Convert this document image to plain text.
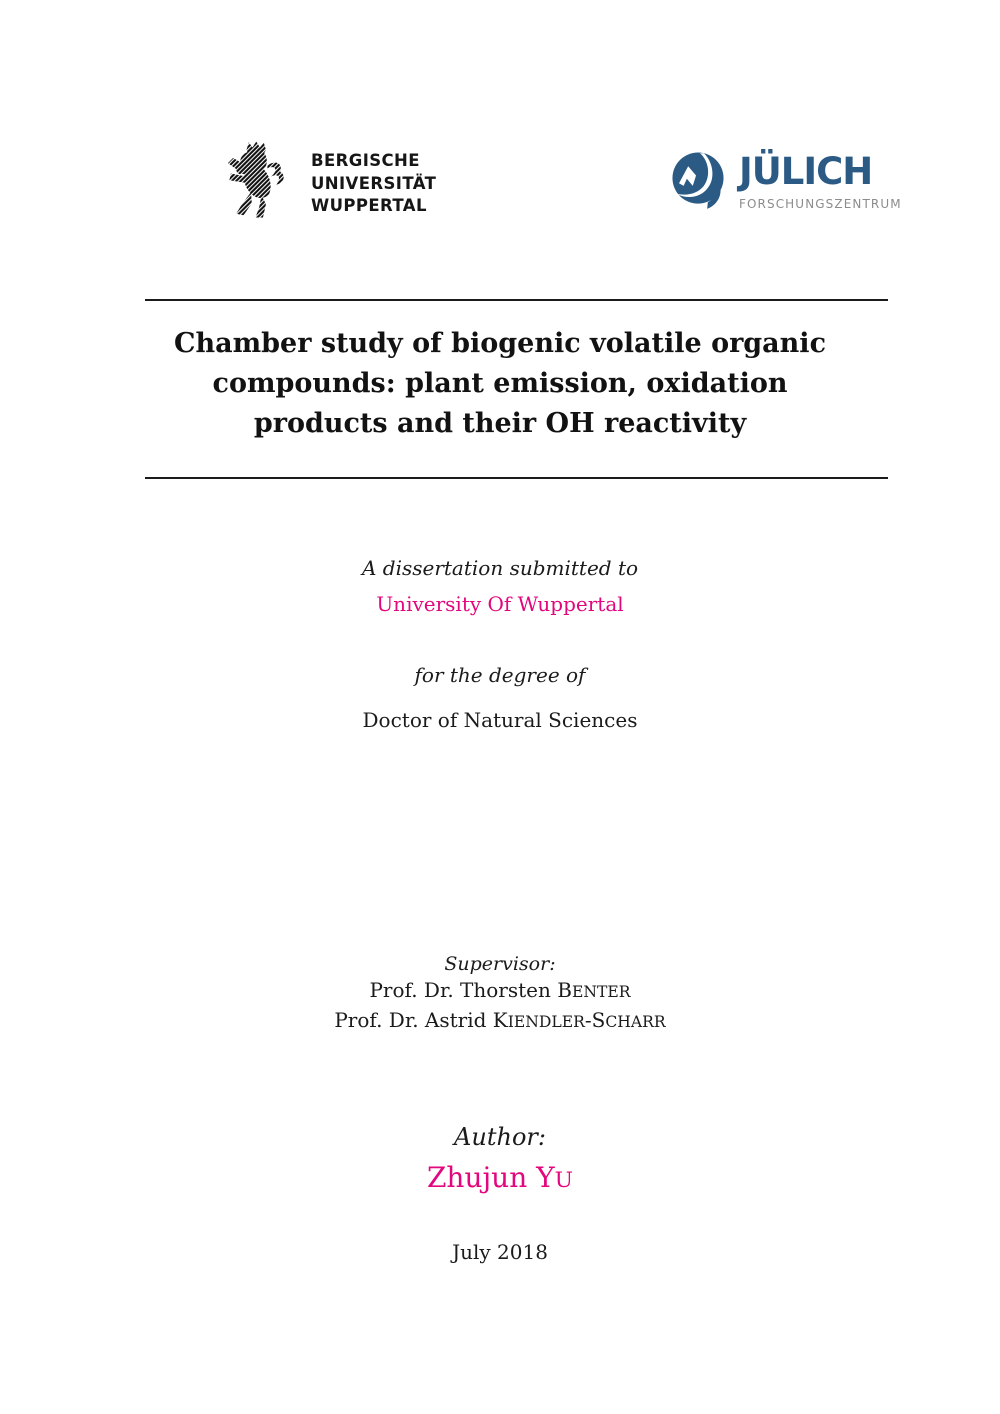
BERGISCHE
UNIVERSITÄT
WUPPERTAL
JÜLICH
FORSCHUNGSZENTRUM
Chamber study of biogenic volatile organic
compounds: plant emission, oxidation
products and their OH reactivity
A dissertation submitted to
University Of Wuppertal
for the degree of
Doctor of Natural Sciences
Supervisor:
Prof. Dr. Thorsten BENTER
Prof. Dr. Astrid KIENDLER-SCHARR
Author:
Zhujun YU
July 2018
